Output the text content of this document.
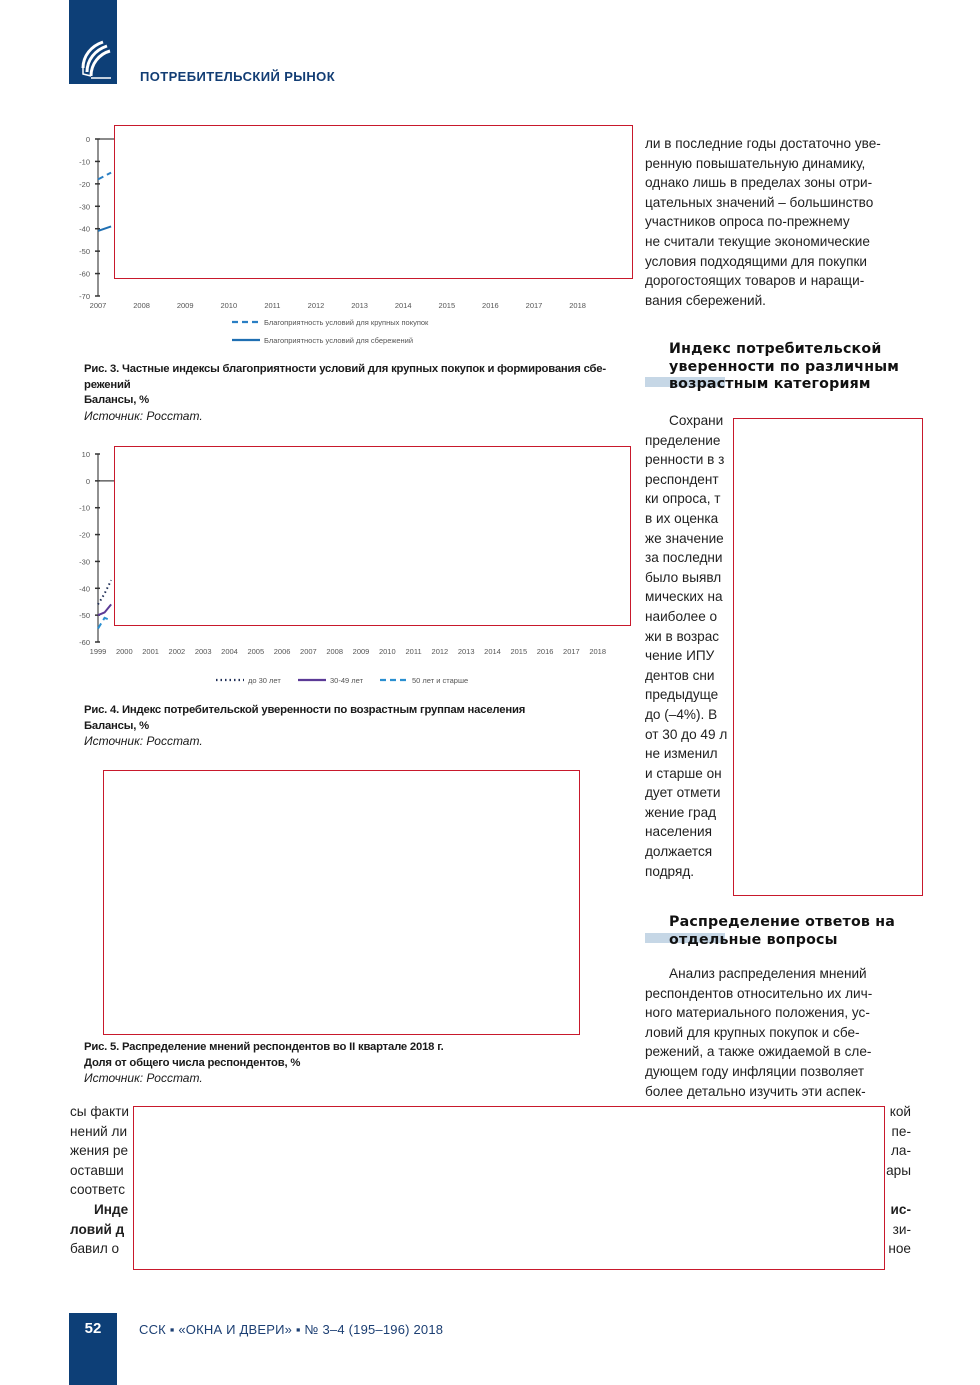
ПОТРЕБИТЕЛЬСКИЙ РЫНОК
0
-10
-20
-30
-40
-50
-60
-70
2007	2008	2009	2010	2011	2012	2013	2014	2015	2016	2017	2018
Благоприятность условий для крупных покупок
Благоприятность условий для сбережений
Рис. 3. Частные индексы благоприятности условий для крупных покупок и формирования сбе-режений
Балансы, %
Источник: Росстат.
10
0
-10
-20
-30
-40
-50
-60
1999 2000 2001 2002 2003 2004 2005 2006 2007 2008 2009 2010 2011 2012 2013 2014 2015 2016 2017 2018
до 30 лет	30-49 лет	50 лет и старше
Рис. 4. Индекс потребительской уверенности по возрастным группам населения
Балансы, %
Источник: Росстат.
Рис. 5. Распределение мнений респондентов во II квартале 2018 г.
Доля от общего числа респондентов, %
Источник: Росстат.
ли в последние годы достаточно уве-
ренную повышательную динамику,
однако лишь в пределах зоны отри-
цательных значений – большинство
участников опроса по-прежнему
не считали текущие экономические
условия подходящими для покупки
дорогостоящих товаров и наращи-
вания сбережений.
Индекс потребительской уверенности по различным возрастным категориям
Сохрани
пределение
ренности в з
респондент
ки опроса, т
в их оценка
же значение
за последни
было выявл
мических на
наиболее о
жи в возрас
чение ИПУ
дентов сни
предыдуще
до (–4%). В
от 30 до 49 л
не изменил
и старше он
дует отмети
жение град
населения
должается
подряд.
Распределение ответов на отдельные вопросы
Анализ распределения мнений
респондентов относительно их лич-
ного материального положения, ус-
ловий для крупных покупок и сбе-
режений, а также ожидаемой в сле-
дующем году инфляции позволяет
более детально изучить эти аспек-
сы факти
нений ли
жения ре
оставши
соответс
Инде
ловий д
бавил о
кой
пе-
ла-
ары

ис-
зи-
ное
52	ССК ▪ «ОКНА И ДВЕРИ» ▪ № 3–4 (195–196) 2018
